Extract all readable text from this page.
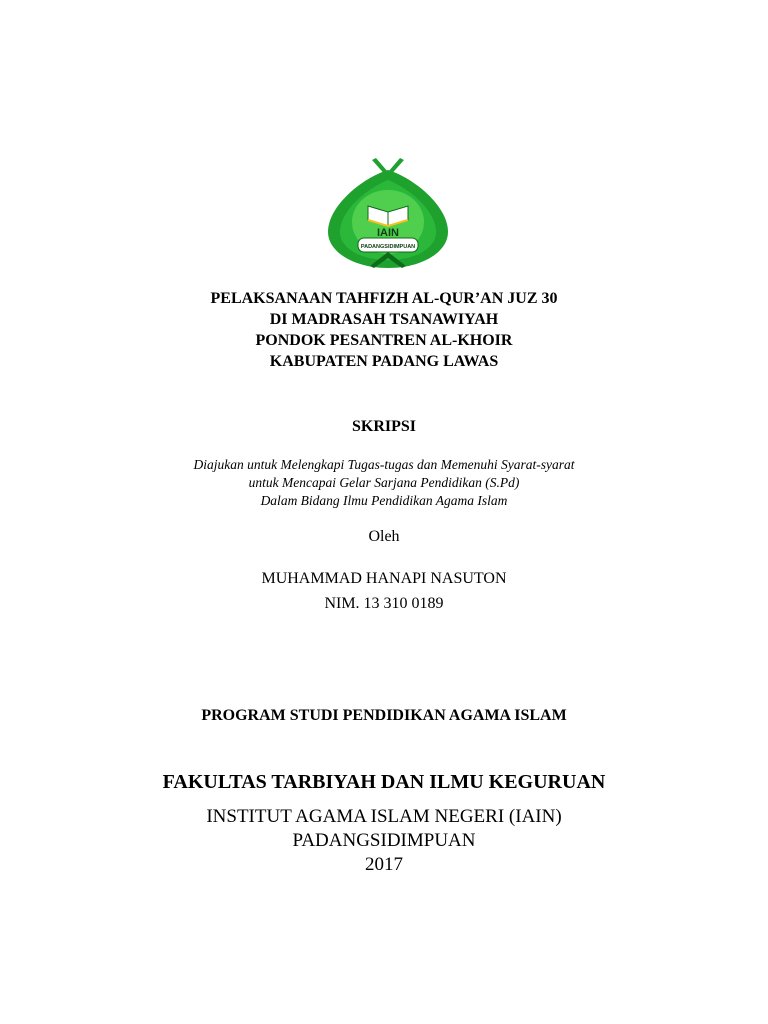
IAIN
PADANGSIDIMPUAN

PELAKSANAAN TAHFIZH AL-QUR’AN JUZ 30

DI MADRASAH TSANAWIYAH

PONDOK PESANTREN AL-KHOIR

KABUPATEN PADANG LAWAS

SKRIPSI

Diajukan untuk Melengkapi Tugas-tugas dan Memenuhi Syarat-syarat

untuk Mencapai Gelar Sarjana Pendidikan (S.Pd)

Dalam Bidang Ilmu Pendidikan Agama Islam

Oleh

MUHAMMAD HANAPI NASUTON

NIM. 13 310 0189

PROGRAM STUDI PENDIDIKAN AGAMA ISLAM

FAKULTAS TARBIYAH DAN ILMU KEGURUAN

INSTITUT AGAMA ISLAM NEGERI (IAIN)

PADANGSIDIMPUAN

2017
